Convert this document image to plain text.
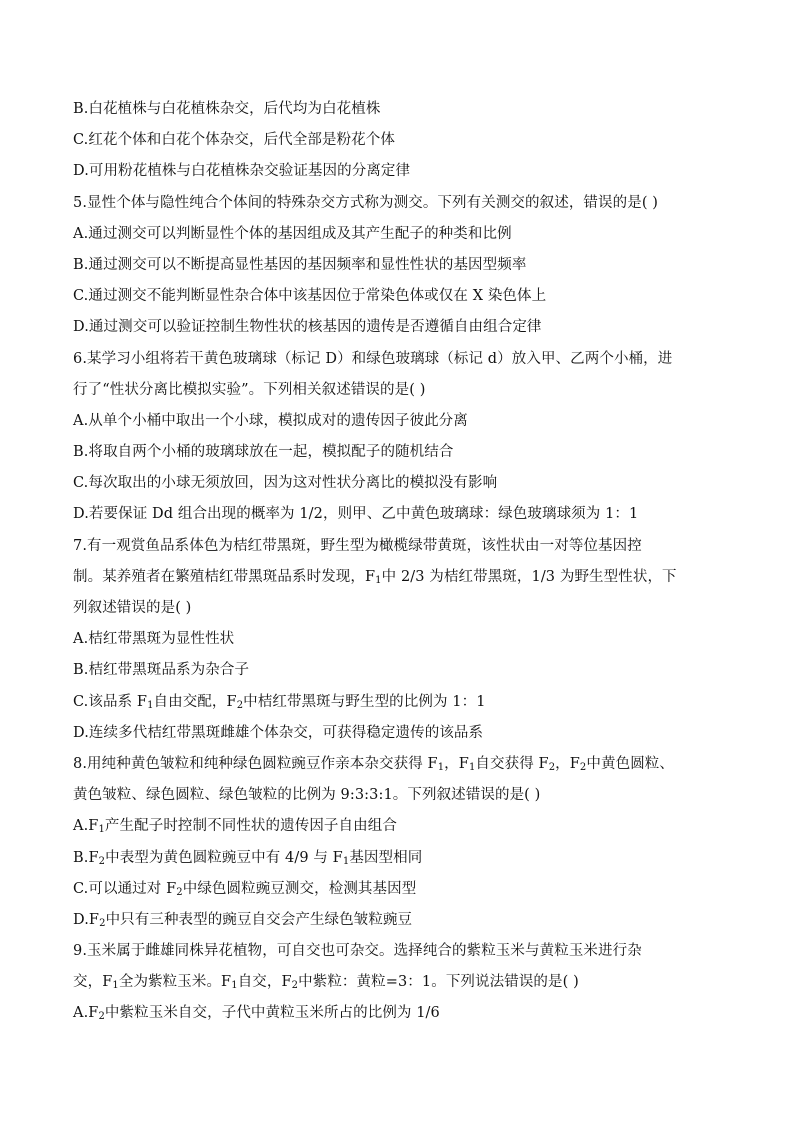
B.白花植株与白花植株杂交，后代均为白花植株
C.红花个体和白花个体杂交，后代全部是粉花个体
D.可用粉花植株与白花植株杂交验证基因的分离定律
5.显性个体与隐性纯合个体间的特殊杂交方式称为测交。下列有关测交的叙述，错误的是( )
A.通过测交可以判断显性个体的基因组成及其产生配子的种类和比例
B.通过测交可以不断提高显性基因的基因频率和显性性状的基因型频率
C.通过测交不能判断显性杂合体中该基因位于常染色体或仅在 X 染色体上
D.通过测交可以验证控制生物性状的核基因的遗传是否遵循自由组合定律
6.某学习小组将若干黄色玻璃球（标记 D）和绿色玻璃球（标记 d）放入甲、乙两个小桶，进
行了“性状分离比模拟实验”。下列相关叙述错误的是( )
A.从单个小桶中取出一个小球，模拟成对的遗传因子彼此分离
B.将取自两个小桶的玻璃球放在一起，模拟配子的随机结合
C.每次取出的小球无须放回，因为这对性状分离比的模拟没有影响
D.若要保证 Dd 组合出现的概率为 1/2，则甲、乙中黄色玻璃球：绿色玻璃球须为 1：1
7.有一观赏鱼品系体色为桔红带黑斑，野生型为橄榄绿带黄斑，该性状由一对等位基因控
制。某养殖者在繁殖桔红带黑斑品系时发现，$F_1$中 2/3 为桔红带黑斑，1/3 为野生型性状，下
列叙述错误的是( )
A.桔红带黑斑为显性性状
B.桔红带黑斑品系为杂合子
C.该品系 $F_1$自由交配，$F_2$中桔红带黑斑与野生型的比例为 1：1
D.连续多代桔红带黑斑雌雄个体杂交，可获得稳定遗传的该品系
8.用纯种黄色皱粒和纯种绿色圆粒豌豆作亲本杂交获得 $F_1$，$F_1$自交获得 $F_2$，$F_2$中黄色圆粒、
黄色皱粒、绿色圆粒、绿色皱粒的比例为 9:3:3:1。下列叙述错误的是( )
$A.F_1$产生配子时控制不同性状的遗传因子自由组合
$B.F_2$中表型为黄色圆粒豌豆中有 4/9 与 $F_1$基因型相同
C.可以通过对 $F_2$中绿色圆粒豌豆测交，检测其基因型
$D.F_2$中只有三种表型的豌豆自交会产生绿色皱粒豌豆
9.玉米属于雌雄同株异花植物，可自交也可杂交。选择纯合的紫粒玉米与黄粒玉米进行杂
交，$F_1$全为紫粒玉米。$F_1$自交，$F_2$中紫粒：黄粒=3：1。下列说法错误的是( )
$A.F_2$中紫粒玉米自交，子代中黄粒玉米所占的比例为 1/6
